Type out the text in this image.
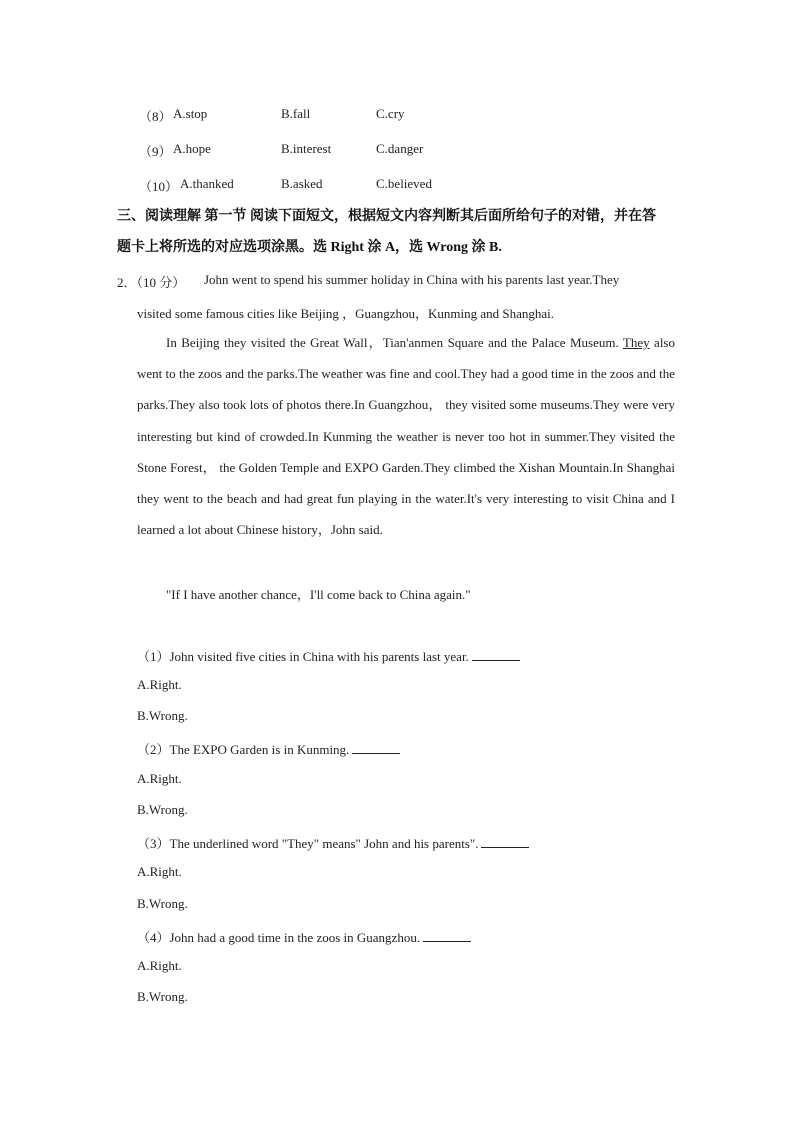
（8） A.stop	B.fall	C.cry
（9） A.hope	B.interest	C.danger
（10） A.thanked	B.asked	C.believed
三、阅读理解 第一节 阅读下面短文，根据短文内容判断其后面所给句子的对错，并在答
题卡上将所选的对应选项涂黑。选 Right 涂 A，选 Wrong 涂 B.
2．（10 分） John went to spend his summer holiday in China with his parents last year.They
visited some famous cities like Beijing ，Guangzhou，Kunming and Shanghai.
In Beijing they visited the Great Wall，Tian'anmen Square and the Palace Museum. They also went to the zoos and the parks.The weather was fine and cool.They had a good time in the zoos and the parks.They also took lots of photos there.In Guangzhou， they visited some museums.They were very interesting but kind of crowded.In Kunming the weather is never too hot in summer.They visited the Stone Forest， the Golden Temple and EXPO Garden.They climbed the Xishan Mountain.In Shanghai they went to the beach and had great fun playing in the water.It's very interesting to visit China and I learned a lot about Chinese history，John said.
"If I have another chance，I'll come back to China again."
（1）John visited five cities in China with his parents last year.
A.Right.
B.Wrong.
（2）The EXPO Garden is in Kunming.
A.Right.
B.Wrong.
（3）The underlined word "They" means" John and his parents".
A.Right.
B.Wrong.
（4）John had a good time in the zoos in Guangzhou.
A.Right.
B.Wrong.
